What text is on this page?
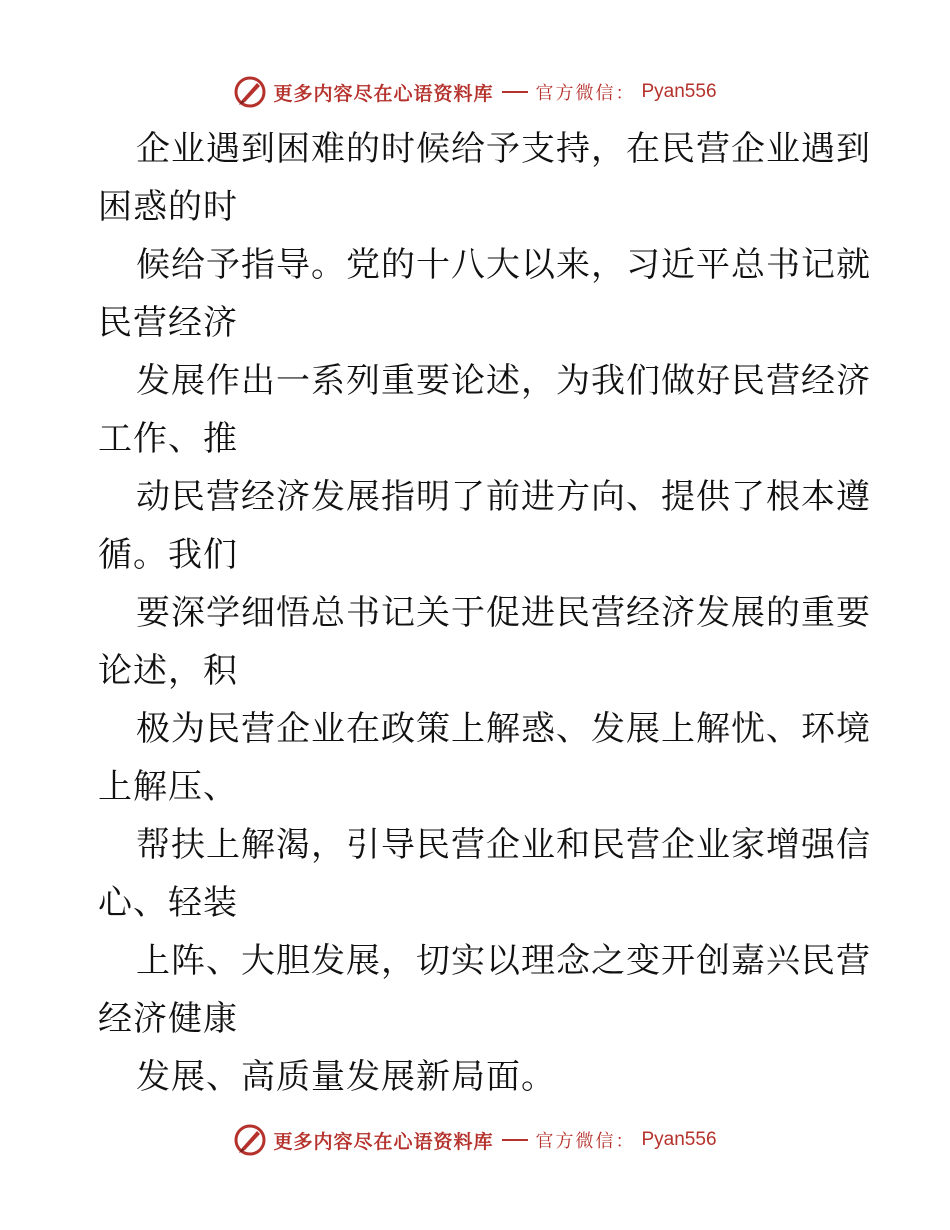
更多内容尽在心语资料库 官方微信： Pyan556
企业遇到困难的时候给予支持，在民营企业遇到
困惑的时
候给予指导。党的十八大以来，习近平总书记就
民营经济
发展作出一系列重要论述，为我们做好民营经济
工作、推
动民营经济发展指明了前进方向、提供了根本遵
循。我们
要深学细悟总书记关于促进民营经济发展的重要
论述，积
极为民营企业在政策上解惑、发展上解忧、环境
上解压、
帮扶上解渴，引导民营企业和民营企业家增强信
心、轻装
上阵、大胆发展，切实以理念之变开创嘉兴民营
经济健康
发展、高质量发展新局面。
更多内容尽在心语资料库 官方微信： Pyan556
